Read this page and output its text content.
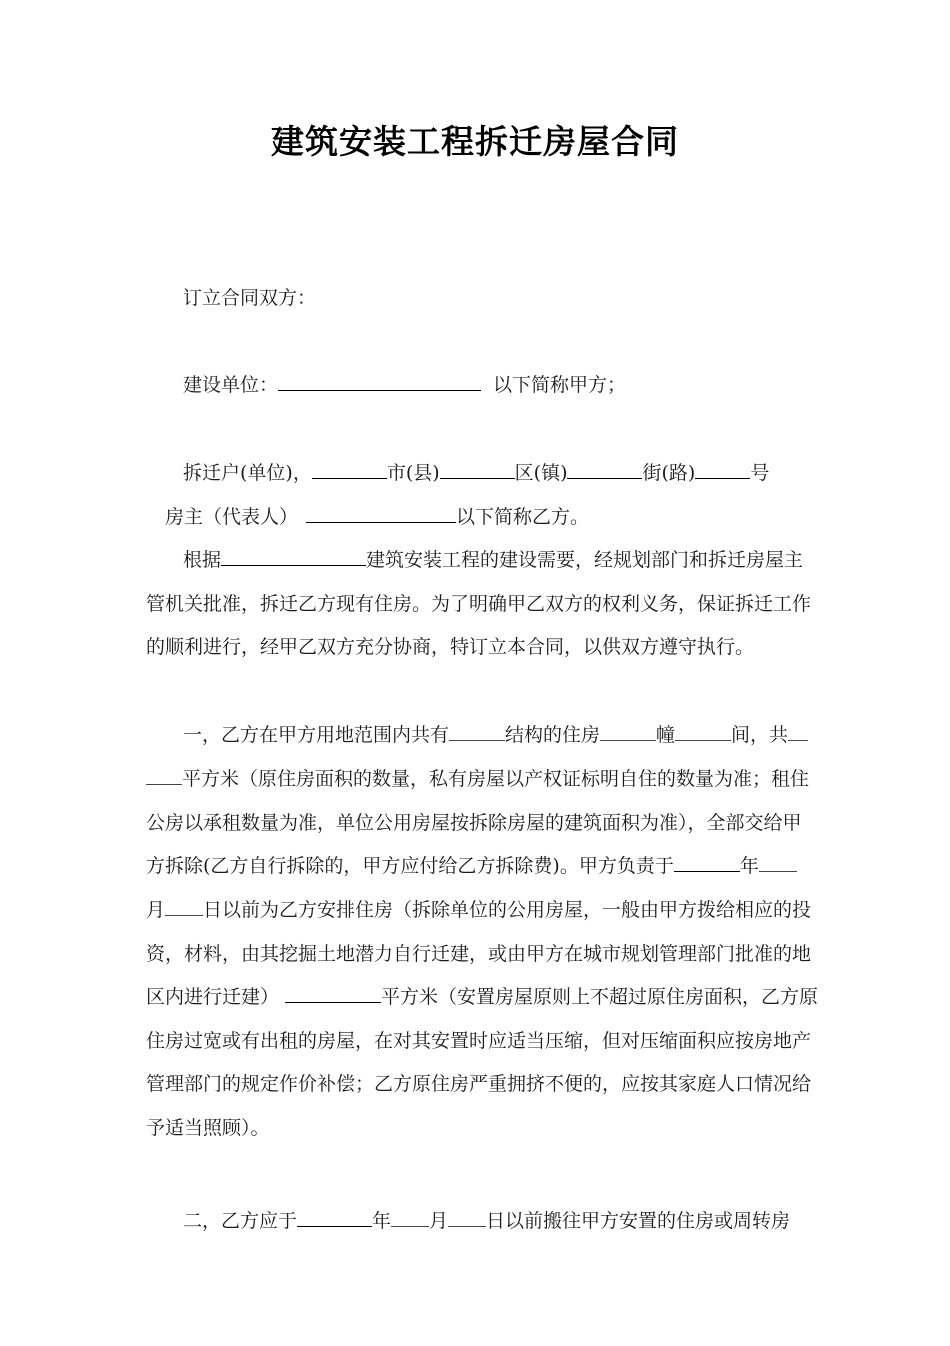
建筑安装工程拆迁房屋合同
订立合同双方：
建设单位：	以下简称甲方；
拆迁户(单位)，	市(县)	区(镇)	街(路)	号
房主（代表人）	以下简称乙方。
根据	建筑安装工程的建设需要，经规划部门和拆迁房屋主
管机关批准，拆迁乙方现有住房。为了明确甲乙双方的权利义务，保证拆迁工作
的顺利进行，经甲乙双方充分协商，特订立本合同，以供双方遵守执行。
一，乙方在甲方用地范围内共有	结构的住房	幢	间，共
平方米（原住房面积的数量，私有房屋以产权证标明自住的数量为准；租住
公房以承租数量为准，单位公用房屋按拆除房屋的建筑面积为准），全部交给甲
方拆除(乙方自行拆除的，甲方应付给乙方拆除费)。甲方负责于	年
月 日以前为乙方安排住房（拆除单位的公用房屋，一般由甲方拨给相应的投
资，材料，由其挖掘土地潜力自行迁建，或由甲方在城市规划管理部门批准的地
区内进行迁建）	平方米（安置房屋原则上不超过原住房面积，乙方原
住房过宽或有出租的房屋，在对其安置时应适当压缩，但对压缩面积应按房地产
管理部门的规定作价补偿；乙方原住房严重拥挤不便的，应按其家庭人口情况给
予适当照顾）。
二，乙方应于	年 月 日以前搬往甲方安置的住房或周转房
